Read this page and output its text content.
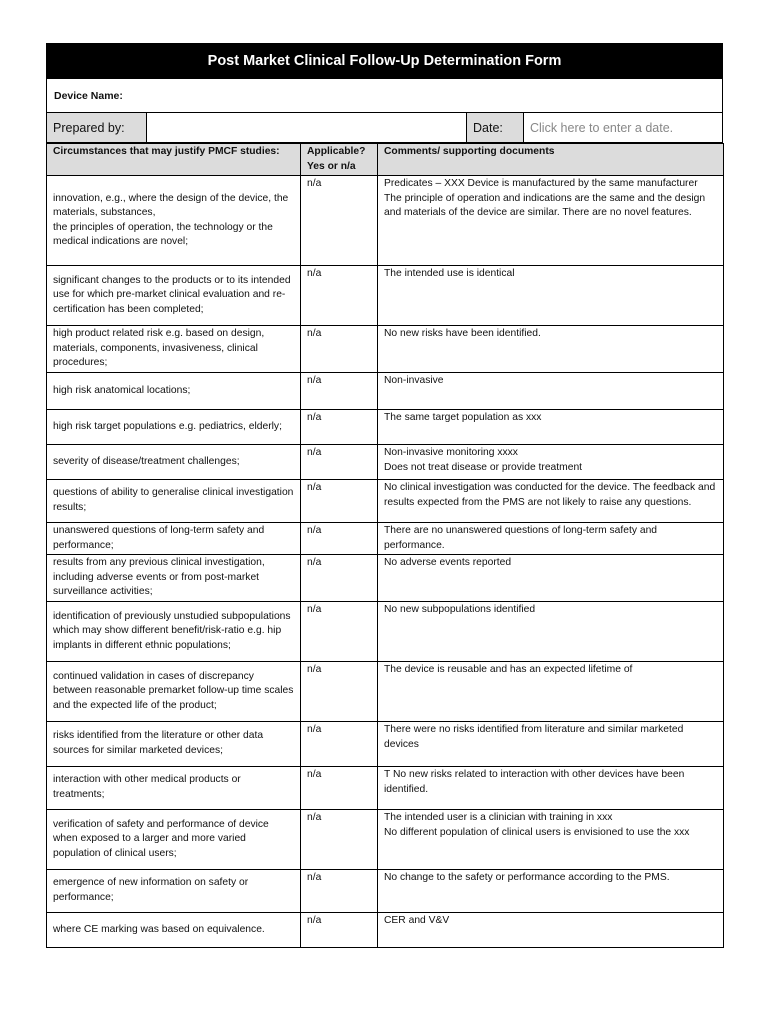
Post Market Clinical Follow-Up Determination Form
Device Name:
Prepared by:	Date:	Click here to enter a date.
Circumstances that may justify PMCF studies:	Applicable? Yes or n/a	Comments/ supporting documents

innovation, e.g., where the design of the device, the materials, substances,
the principles of operation, the technology or the medical indications are novel;	n/a	Predicates – XXX Device is manufactured by the same manufacturer
The principle of operation and indications are the same and the design and materials of the device are similar. There are no novel features.

significant changes to the products or to its intended use for which pre-market clinical evaluation and re-certification has been completed;	n/a	The intended use is identical

high product related risk e.g. based on design, materials, components, invasiveness, clinical procedures;	n/a	No new risks have been identified.

high risk anatomical locations;	n/a	Non-invasive

high risk target populations e.g. pediatrics, elderly;	n/a	The same target population as xxx

severity of disease/treatment challenges;	n/a	Non-invasive monitoring xxxx
Does not treat disease or provide treatment

questions of ability to generalise clinical investigation results;	n/a	No clinical investigation was conducted for the device. The feedback and results expected from the PMS are not likely to raise any questions.

unanswered questions of long-term safety and performance;	n/a	There are no unanswered questions of long-term safety and performance.

results from any previous clinical investigation, including adverse events or from post-market surveillance activities;	n/a	No adverse events reported

identification of previously unstudied subpopulations which may show different benefit/risk-ratio e.g. hip implants in different ethnic populations;	n/a	No new subpopulations identified

continued validation in cases of discrepancy between reasonable premarket follow-up time scales and the expected life of the product;	n/a	The device is reusable and has an expected lifetime of

risks identified from the literature or other data sources for similar marketed devices;	n/a	There were no risks identified from literature and similar marketed devices

interaction with other medical products or treatments;	n/a	T No new risks related to interaction with other devices have been identified.

verification of safety and performance of device when exposed to a larger and more varied population of clinical users;	n/a	The intended user is a clinician with training in xxx
No different population of clinical users is envisioned to use the xxx

emergence of new information on safety or performance;	n/a	No change to the safety or performance according to the PMS.

where CE marking was based on equivalence.	n/a	CER and V&V
